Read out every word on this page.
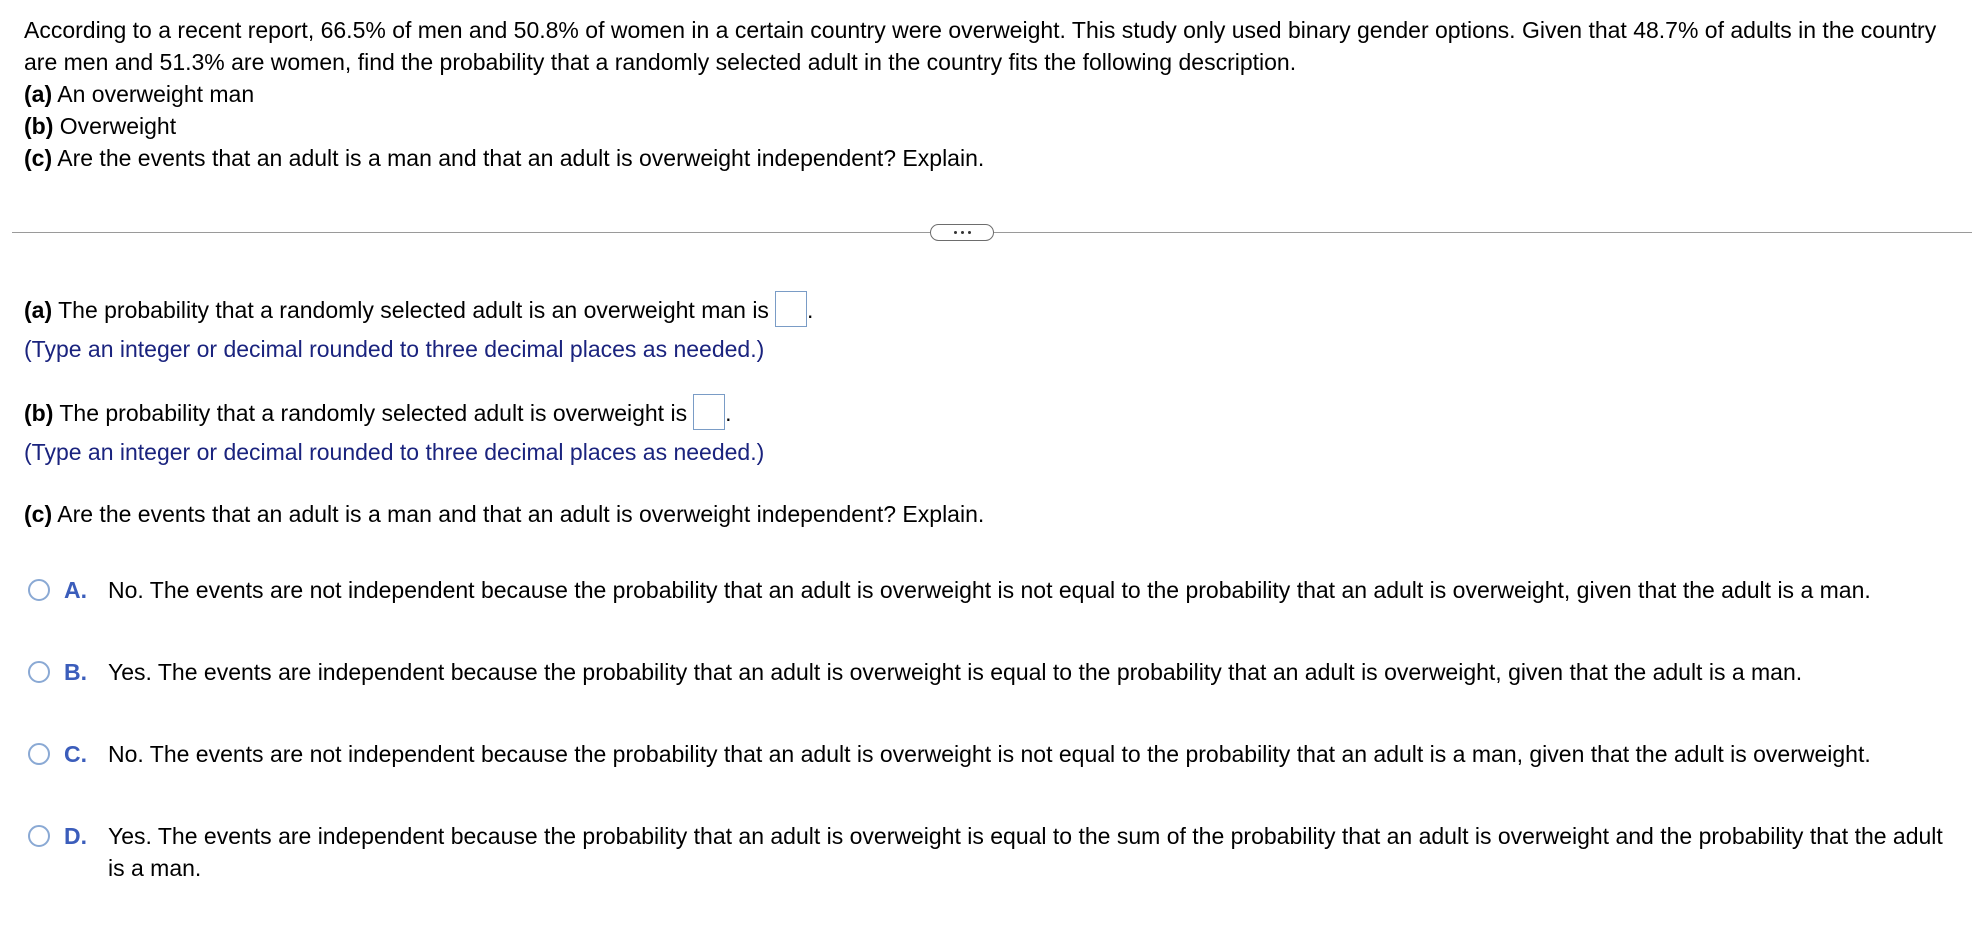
According to a recent report, 66.5% of men and 50.8% of women in a certain country were overweight. This study only used binary gender options. Given that 48.7% of adults in the country are men and 51.3% are women, find the probability that a randomly selected adult in the country fits the following description.

(a) An overweight man

(b) Overweight

(c) Are the events that an adult is a man and that an adult is overweight independent? Explain.

(a) The probability that a randomly selected adult is an overweight man is .
(Type an integer or decimal rounded to three decimal places as needed.)
(b) The probability that a randomly selected adult is overweight is .
(Type an integer or decimal rounded to three decimal places as needed.)
(c) Are the events that an adult is a man and that an adult is overweight independent? Explain.
A. No. The events are not independent because the probability that an adult is overweight is not equal to the probability that an adult is overweight, given that the adult is a man.
B. Yes. The events are independent because the probability that an adult is overweight is equal to the probability that an adult is overweight, given that the adult is a man.
C. No. The events are not independent because the probability that an adult is overweight is not equal to the probability that an adult is a man, given that the adult is overweight.
D. Yes. The events are independent because the probability that an adult is overweight is equal to the sum of the probability that an adult is overweight and the probability that the adult is a man.
